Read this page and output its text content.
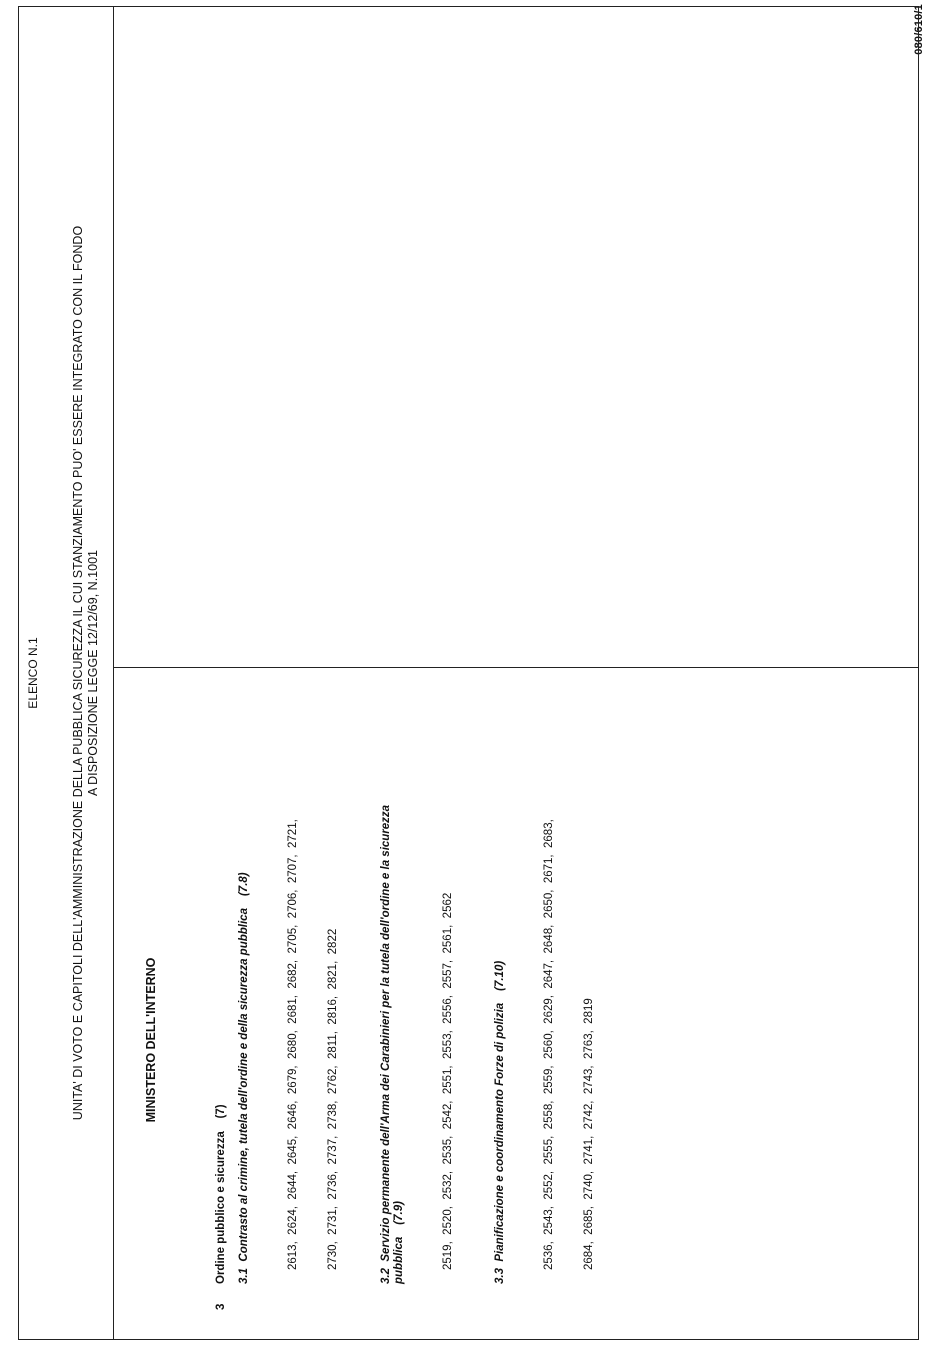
080/610/1
ELENCO N.1 UNITA' DI VOTO E CAPITOLI DELL'AMMINISTRAZIONE DELLA PUBBLICA SICUREZZA IL CUI STANZIAMENTO PUO' ESSERE INTEGRATO CON IL FONDO A DISPOSIZIONE LEGGE 12/12/69, N.1001
MINISTERO DELL'INTERNO
3Ordine pubblico e sicurezza    (7)
3.1  Contrasto al crimine, tutela dell'ordine e della sicurezza pubblica(7.8)

	2613,  2624,  2644,  2645,  2646,  2679,  2680,  2681,  2682,  2705,  2706,  2707,  2721,

2730,  2731,  2736,  2737,  2738,  2762,  2811,  2816,  2821,  2822

3.2  Servizio permanente dell'Arma dei Carabinieri per la tutela dell'ordine e la sicurezza pubblica(7.9)

	2519,  2520,  2532,  2535,  2542,  2551,  2553,  2556,  2557,  2561,  2562

3.3  Pianificazione e coordinamento Forze di polizia(7.10)

	2536,  2543,  2552,  2555,  2558,  2559,  2560,  2629,  2647,  2648,  2650,  2671,  2683,

2684,  2685,  2740,  2741,  2742,  2743,  2763,  2819
